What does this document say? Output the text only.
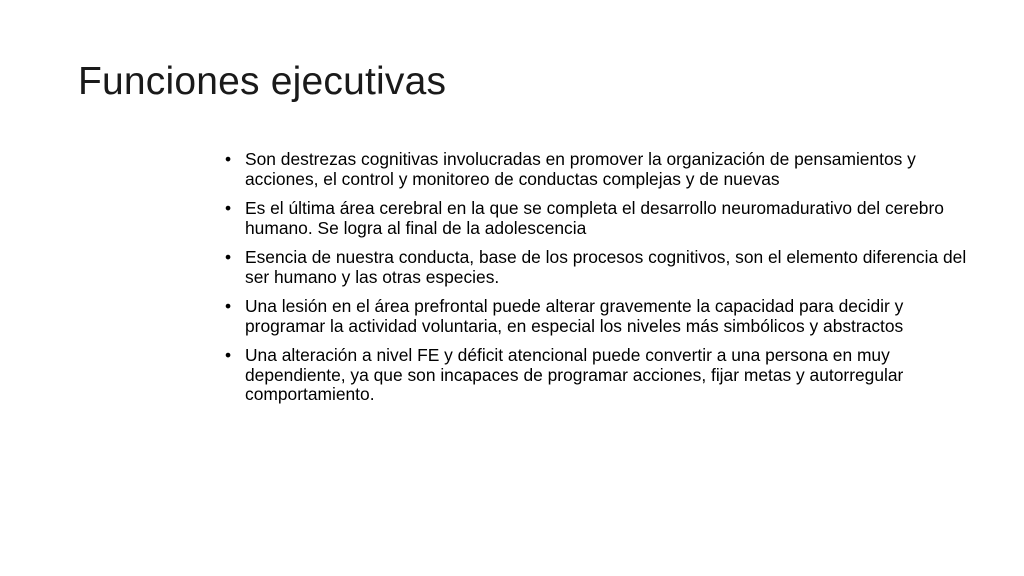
Funciones ejecutivas
• Son destrezas cognitivas involucradas en promover la organización de pensamientos y acciones, el control y monitoreo de conductas complejas y de nuevas
• Es el última área cerebral en la que se completa el desarrollo neuromadurativo del cerebro humano. Se logra al final de la adolescencia
• Esencia de nuestra conducta, base de los procesos cognitivos, son el elemento diferencia del ser humano y las otras especies.
• Una lesión en el área prefrontal puede alterar gravemente la capacidad para decidir y programar la actividad voluntaria, en especial los niveles más simbólicos y abstractos
• Una alteración a nivel FE y déficit atencional puede convertir a una persona en muy dependiente, ya que son incapaces de programar acciones, fijar metas y autorregular comportamiento.
